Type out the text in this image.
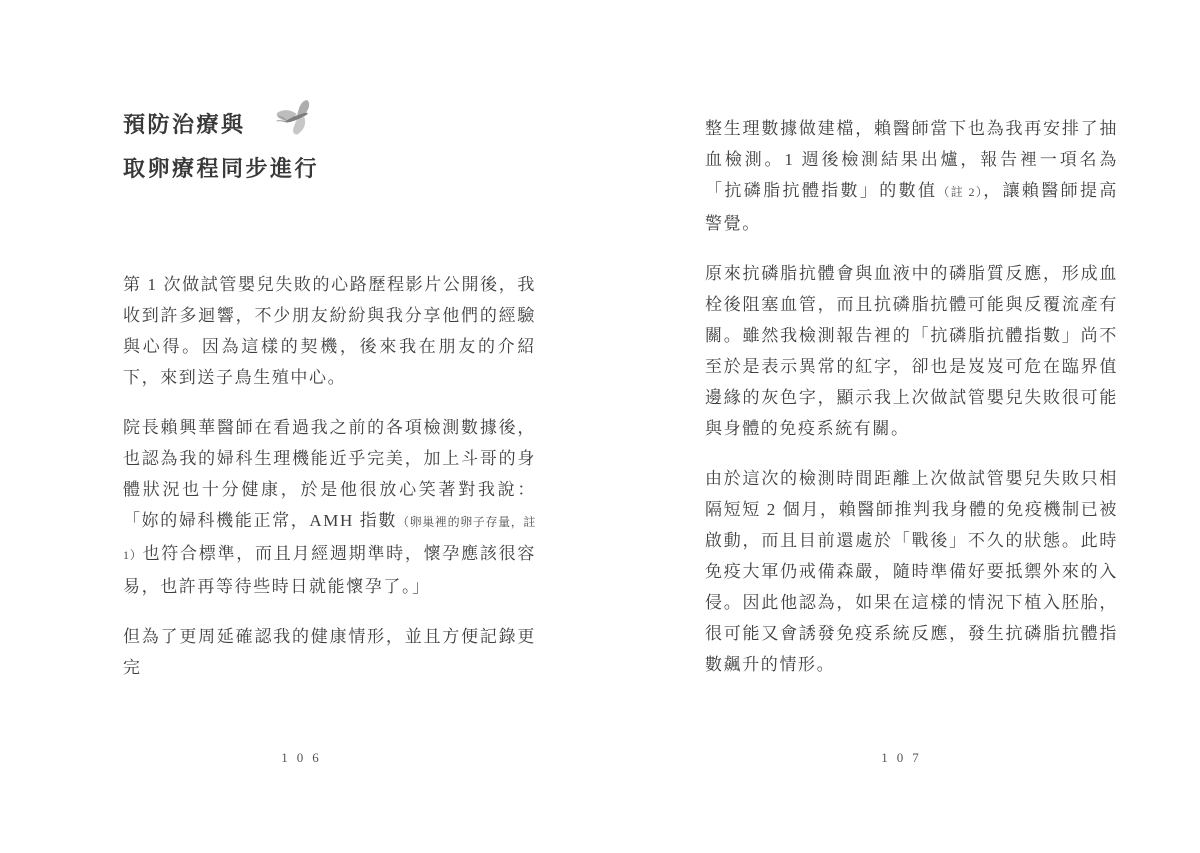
預防治療與
取卵療程同步進行

第 1 次做試管嬰兒失敗的心路歷程影片公開後，我收到許多迴響，不少朋友紛紛與我分享他們的經驗與心得。因為這樣的契機，後來我在朋友的介紹下，來到送子鳥生殖中心。

院長賴興華醫師在看過我之前的各項檢測數據後，也認為我的婦科生理機能近乎完美，加上斗哥的身體狀況也十分健康，於是他很放心笑著對我說：「妳的婦科機能正常，AMH 指數（卵巢裡的卵子存量，註 1）也符合標準，而且月經週期準時，懷孕應該很容易，也許再等待些時日就能懷孕了。」

但為了更周延確認我的健康情形，並且方便記錄更完

106

整生理數據做建檔，賴醫師當下也為我再安排了抽血檢測。1 週後檢測結果出爐，報告裡一項名為「抗磷脂抗體指數」的數值（註 2），讓賴醫師提高警覺。

原來抗磷脂抗體會與血液中的磷脂質反應，形成血栓後阻塞血管，而且抗磷脂抗體可能與反覆流產有關。雖然我檢測報告裡的「抗磷脂抗體指數」尚不至於是表示異常的紅字，卻也是岌岌可危在臨界值邊緣的灰色字，顯示我上次做試管嬰兒失敗很可能與身體的免疫系統有關。

由於這次的檢測時間距離上次做試管嬰兒失敗只相隔短短 2 個月，賴醫師推判我身體的免疫機制已被啟動，而且目前還處於「戰後」不久的狀態。此時免疫大軍仍戒備森嚴，隨時準備好要抵禦外來的入侵。因此他認為，如果在這樣的情況下植入胚胎，很可能又會誘發免疫系統反應，發生抗磷脂抗體指數飆升的情形。

107
